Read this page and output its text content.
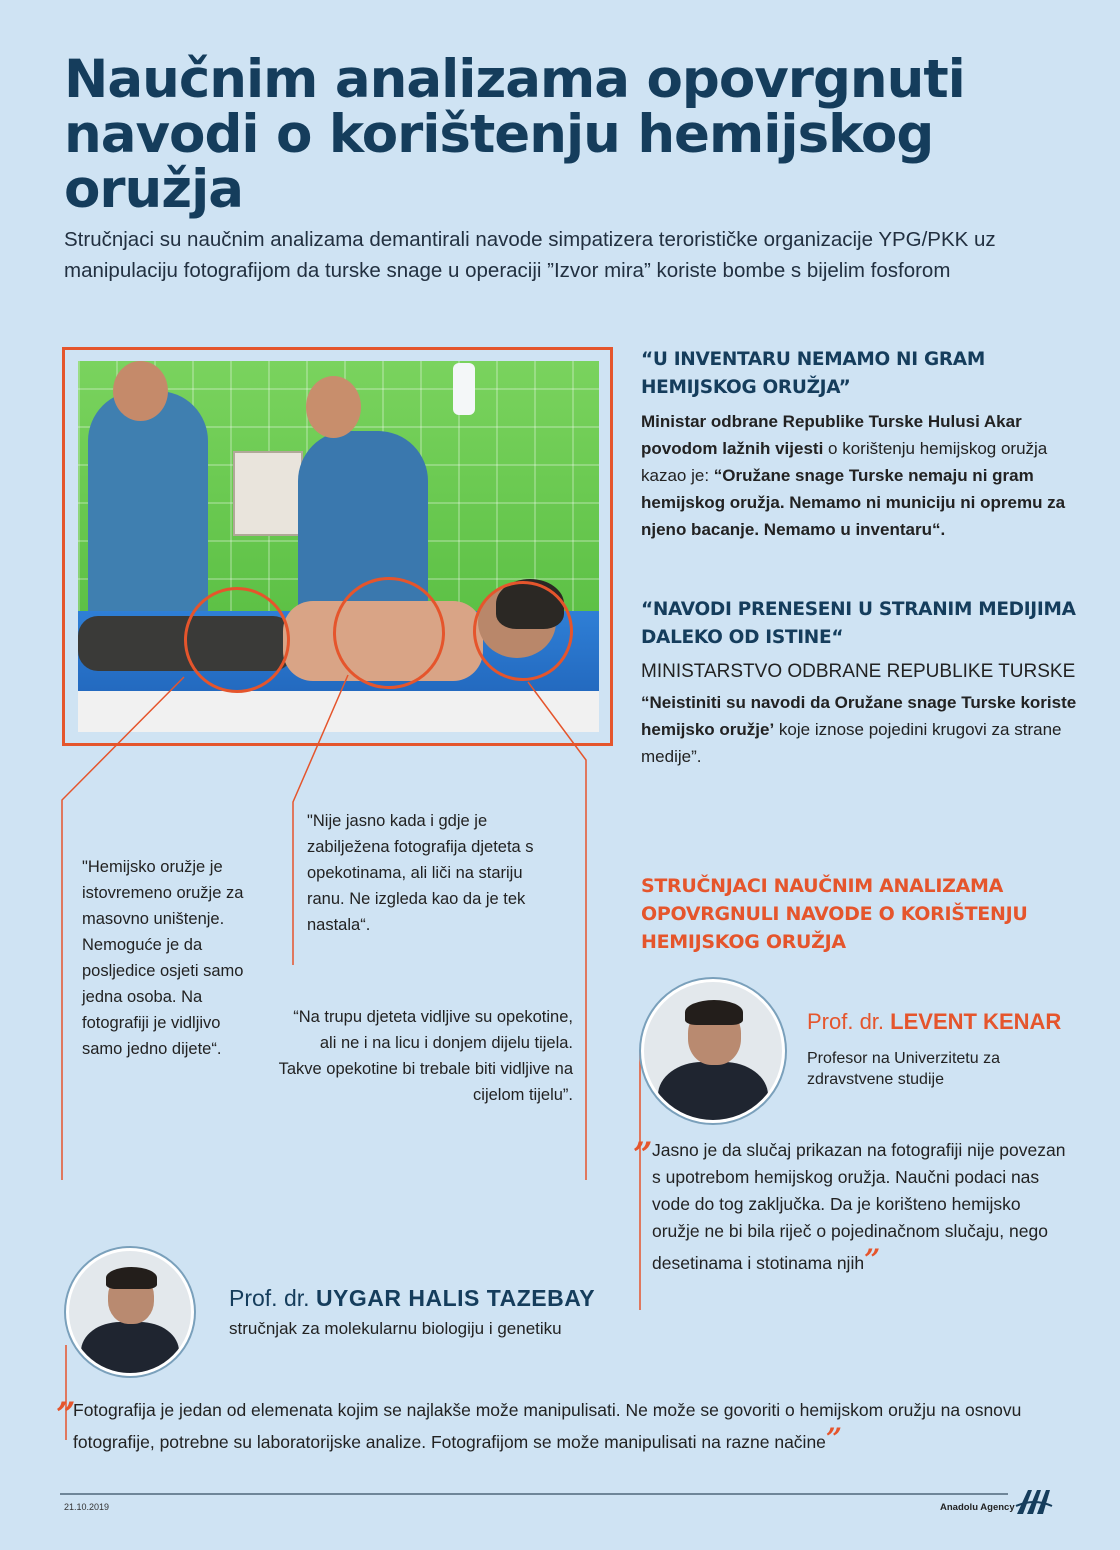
Naučnim analizama opovrgnuti navodi o korištenju hemijskog oružja

Stručnjaci su naučnim analizama demantirali navode simpatizera terorističke organizacije YPG/PKK uz manipulaciju fotografijom da turske snage u operaciji ”Izvor mira” koriste bombe s bijelim fosforom

“U INVENTARU NEMAMO NI GRAM HEMIJSKOG ORUŽJA”

Ministar odbrane Republike Turske Hulusi Akar povodom lažnih vijesti o korištenju hemijskog oružja kazao je: “Oružane snage Turske nemaju ni gram hemijskog oružja. Nemamo ni municiju ni opremu za njeno bacanje. Nemamo u inventaru“.

“NAVODI PRENESENI U STRANIM MEDIJIMA DALEKO OD ISTINE“
MINISTARSTVO ODBRANE REPUBLIKE TURSKE

“Neistiniti su navodi da Oružane snage Turske koriste hemijsko oružje’ koje iznose pojedini krugovi za strane medije”.

"Hemijsko oružje je istovremeno oružje za masovno uništenje. Nemoguće je da posljedice osjeti samo jedna osoba. Na fotografiji je vidljivo samo jedno dijete“.

"Nije jasno kada i gdje je zabilježena fotografija djeteta s opekotinama, ali liči na stariju ranu. Ne izgleda kao da je tek nastala“.

“Na trupu djeteta vidljive su opekotine, ali ne i na licu i donjem dijelu tijela. Takve opekotine bi trebale biti vidljive na cijelom tijelu”.

STRUČNJACI NAUČNIM ANALIZAMA OPOVRGNULI NAVODE O KORIŠTENJU HEMIJSKOG ORUŽJA
Prof. dr. LEVENT KENAR

Profesor na Univerzitetu za zdravstvene studije

” Jasno je da slučaj prikazan na fotografiji nije povezan s upotrebom hemijskog oružja. Naučni podaci nas vode do tog zaključka. Da je korišteno hemijsko oružje ne bi bila riječ o pojedinačnom slučaju, nego desetinama i stotinama njih”

Prof. dr. UYGAR HALIS TAZEBAY

stručnjak za molekularnu biologiju i genetiku

”

Fotografija je jedan od elemenata kojim se najlakše može manipulisati. Ne može se govoriti o hemijskom oružju na osnovu fotografije, potrebne su laboratorijske analize. Fotografijom se može manipulisati na razne načine”

21.10.2019	Anadolu Agency
